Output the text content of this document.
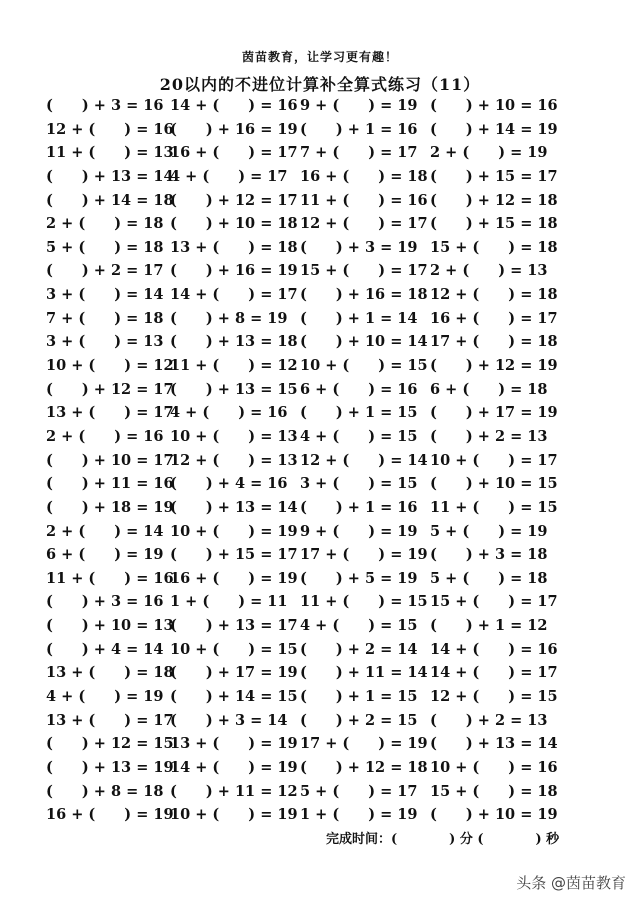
茵苗教育，让学习更有趣！
20以内的不进位计算补全算式练习（11）
(　　) + 3 = 16 14 + (　　) = 16 9 + (　　) = 19 (　　) + 10 = 16
12 + (　　) = 16
(　　) + 16 = 19 (　　) + 1 = 16 (　　) + 14 = 19
11 + (　　) = 13
16 + (　　) = 17 7 + (　　) = 17 2 + (　　) = 19
(　　) + 13 = 14
4 + (　　) = 17 16 + (　　) = 18 (　　) + 15 = 17
(　　) + 14 = 18
(　　) + 12 = 17 11 + (　　) = 16 (　　) + 12 = 18
2 + (　　) = 18 (　　) + 10 = 18 12 + (　　) = 17 (　　) + 15 = 18
5 + (　　) = 18 13 + (　　) = 18 (　　) + 3 = 19 15 + (　　) = 18
(　　) + 2 = 17 (　　) + 16 = 19 15 + (　　) = 17 2 + (　　) = 13
3 + (　　) = 14 14 + (　　) = 17 (　　) + 16 = 18 12 + (　　) = 18
7 + (　　) = 18 (　　) + 8 = 19 (　　) + 1 = 14 16 + (　　) = 17
3 + (　　) = 13 (　　) + 13 = 18 (　　) + 10 = 14 17 + (　　) = 18
10 + (　　) = 12
11 + (　　) = 12 10 + (　　) = 15 (　　) + 12 = 19
(　　) + 12 = 17
(　　) + 13 = 15 6 + (　　) = 16 6 + (　　) = 18
13 + (　　) = 17
4 + (　　) = 16 (　　) + 1 = 15 (　　) + 17 = 19
2 + (　　) = 16 10 + (　　) = 13 4 + (　　) = 15 (　　) + 2 = 13
(　　) + 10 = 17
12 + (　　) = 13 12 + (　　) = 14 10 + (　　) = 17
(　　) + 11 = 16
(　　) + 4 = 16 3 + (　　) = 15 (　　) + 10 = 15
(　　) + 18 = 19
(　　) + 13 = 14 (　　) + 1 = 16 11 + (　　) = 15
2 + (　　) = 14 10 + (　　) = 19 9 + (　　) = 19 5 + (　　) = 19
6 + (　　) = 19 (　　) + 15 = 17 17 + (　　) = 19 (　　) + 3 = 18
11 + (　　) = 16
16 + (　　) = 19 (　　) + 5 = 19 5 + (　　) = 18
(　　) + 3 = 16 1 + (　　) = 11 11 + (　　) = 15 15 + (　　) = 17
(　　) + 10 = 13
(　　) + 13 = 17 4 + (　　) = 15 (　　) + 1 = 12
(　　) + 4 = 14 10 + (　　) = 15 (　　) + 2 = 14 14 + (　　) = 16
13 + (　　) = 18
(　　) + 17 = 19 (　　) + 11 = 14 14 + (　　) = 17
4 + (　　) = 19 (　　) + 14 = 15 (　　) + 1 = 15 12 + (　　) = 15
13 + (　　) = 17
(　　) + 3 = 14 (　　) + 2 = 15 (　　) + 2 = 13
(　　) + 12 = 15
13 + (　　) = 19 17 + (　　) = 19 (　　) + 13 = 14
(　　) + 13 = 19
14 + (　　) = 19 (　　) + 12 = 18 10 + (　　) = 16
(　　) + 8 = 18 (　　) + 11 = 12 5 + (　　) = 17 15 + (　　) = 18
16 + (　　) = 19
10 + (　　) = 19 1 + (　　) = 19 (　　) + 10 = 19
完成时间：(　　　　) 分 (　　　　) 秒
头条 @茵苗教育
